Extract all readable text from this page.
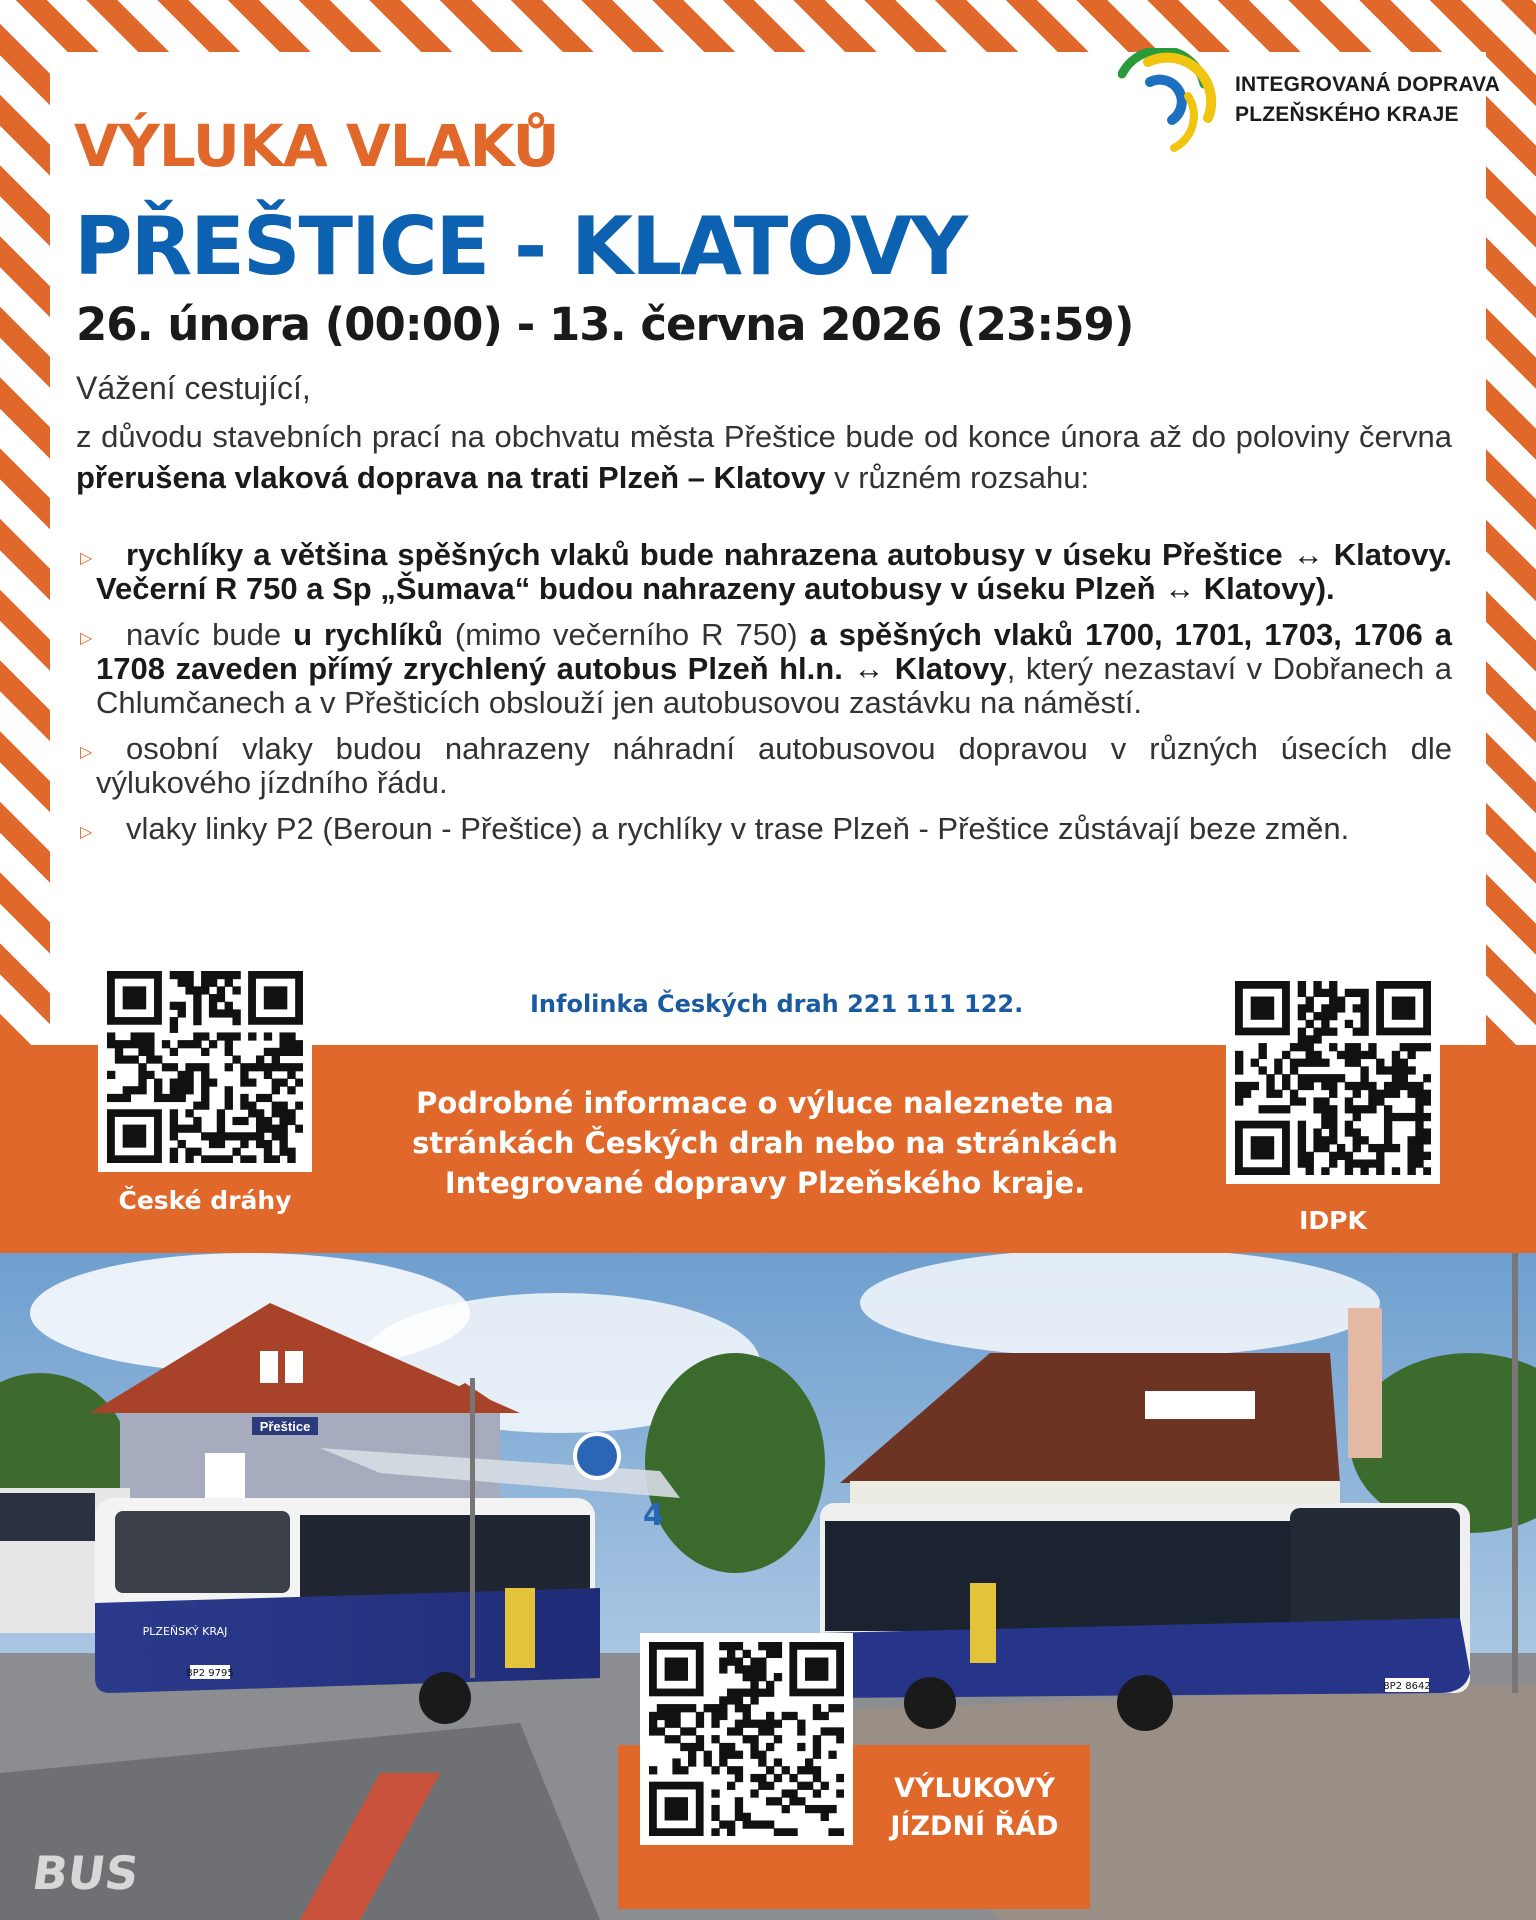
INTEGROVANÁ DOPRAVA
PLZEŇSKÉHO KRAJE
VÝLUKA VLAKŮ
PŘEŠTICE - KLATOVY
26. února (00:00) - 13. června 2026 (23:59)
Vážení cestující,
z důvodu stavebních prací na obchvatu města Přeštice bude od konce února až do poloviny června přerušena vlaková doprava na trati Plzeň – Klatovy v různém rozsahu:
▷ rychlíky a většina spěšných vlaků bude nahrazena autobusy v úseku Přeštice ↔ Klatovy. Večerní R 750 a Sp „Šumava“ budou nahrazeny autobusy v úseku Plzeň ↔ Klatovy).
▷ navíc bude u rychlíků (mimo večerního R 750) a spěšných vlaků 1700, 1701, 1703, 1706 a 1708 zaveden přímý zrychlený autobus Plzeň hl.n. ↔ Klatovy, který nezastaví v Dobřanech a Chlumčanech a v Přešticích obslouží jen autobusovou zastávku na náměstí.
▷ osobní vlaky budou nahrazeny náhradní autobusovou dopravou v různých úsecích dle výlukového jízdního řádu.
▷ vlaky linky P2 (Beroun - Přeštice) a rychlíky v trase Plzeň - Přeštice zůstávají beze změn.
Infolinka Českých drah 221 111 122.
Podrobné informace o výluce naleznete na stránkách Českých drah nebo na stránkách Integrované dopravy Plzeňského kraje.
České dráhy
IDPK
Přeštice
4
BUS
8P2 9795
PLZEŇSKÝ KRAJ
8P2 8642
VÝLUKOVÝ
JÍZDNÍ ŘÁD
